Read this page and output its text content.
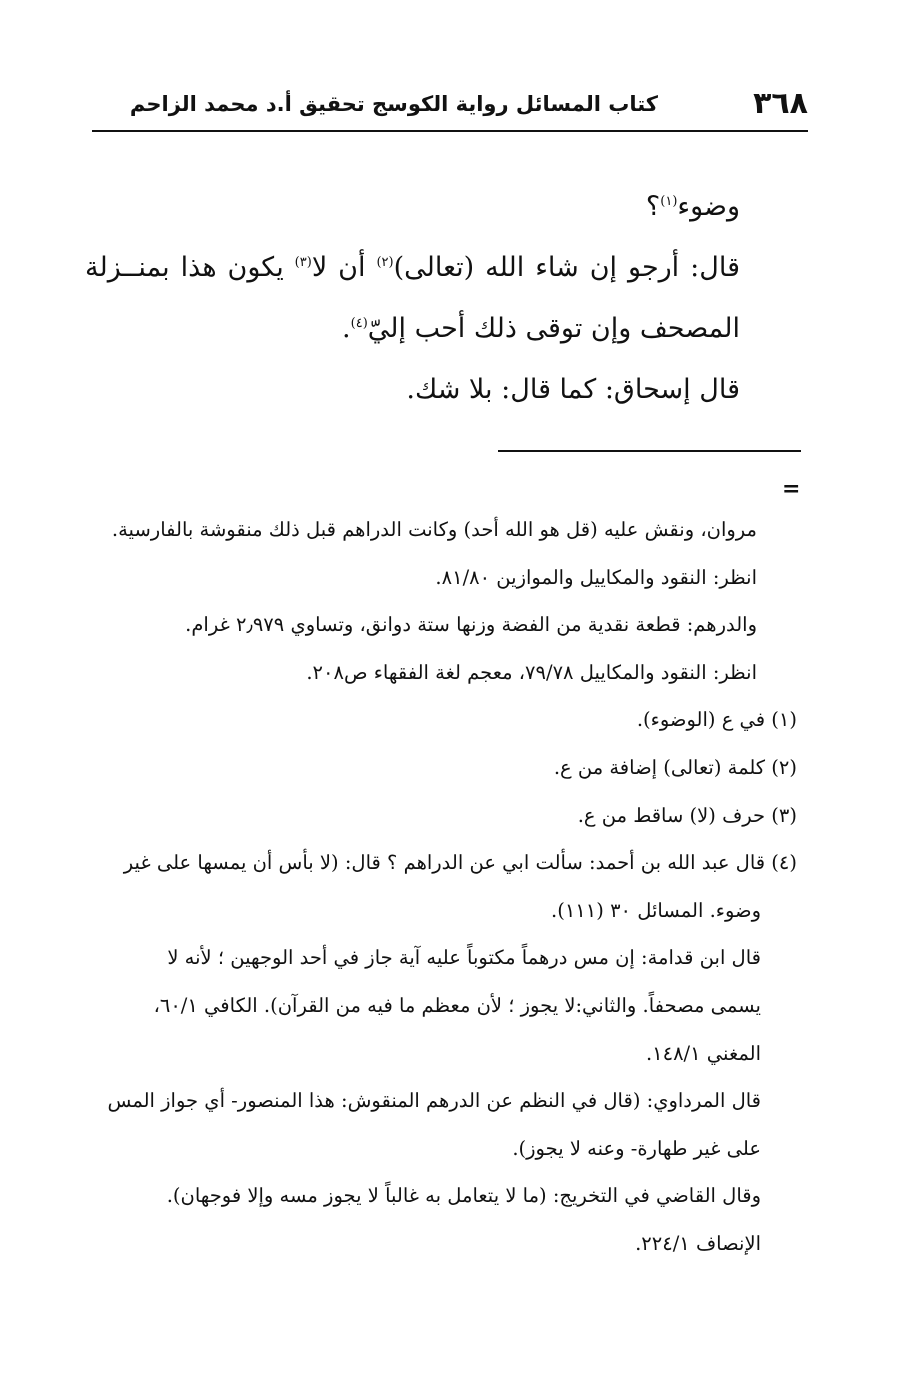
٣٦٨
كتاب المسائل رواية الكوسج تحقيق أ.د محمد الزاحم
وضوء$^{(١)}$؟
قال: أرجو إن شاء الله (تعالى)$^{(٢)}$ أن لا$^{(٣)}$ يكون هذا بمنــزلة
المصحف وإن توقى ذلك أحب إليّ$^{(٤)}$.
قال إسحاق: كما قال: بلا شك.
=
مروان، ونقش عليه (قل هو الله أحد) وكانت الدراهم قبل ذلك منقوشة بالفارسية.
انظر: النقود والمكاييل والموازين ٨١/٨٠.
والدرهم: قطعة نقدية من الفضة وزنها ستة دوانق، وتساوي ٢٫٩٧٩ غرام.
انظر: النقود والمكاييل ٧٩/٧٨، معجم لغة الفقهاء ص٢٠٨.
(١) في ع (الوضوء).
(٢) كلمة (تعالى) إضافة من ع.
(٣) حرف (لا) ساقط من ع.
(٤) قال عبد الله بن أحمد: سألت ابي عن الدراهم ؟ قال: (لا بأس أن يمسها على غير
وضوء. المسائل ٣٠ (١١١).
قال ابن قدامة: إن مس درهماً مكتوباً عليه آية جاز في أحد الوجهين ؛ لأنه لا
يسمى مصحفاً. والثاني:لا يجوز ؛ لأن معظم ما فيه من القرآن). الكافي ٦٠/١،
المغني ١٤٨/١.
قال المرداوي: (قال في النظم عن الدرهم المنقوش: هذا المنصور- أي جواز المس
على غير طهارة- وعنه لا يجوز).
وقال القاضي في التخريج: (ما لا يتعامل به غالباً لا يجوز مسه وإلا فوجهان).
الإنصاف ٢٢٤/١.
